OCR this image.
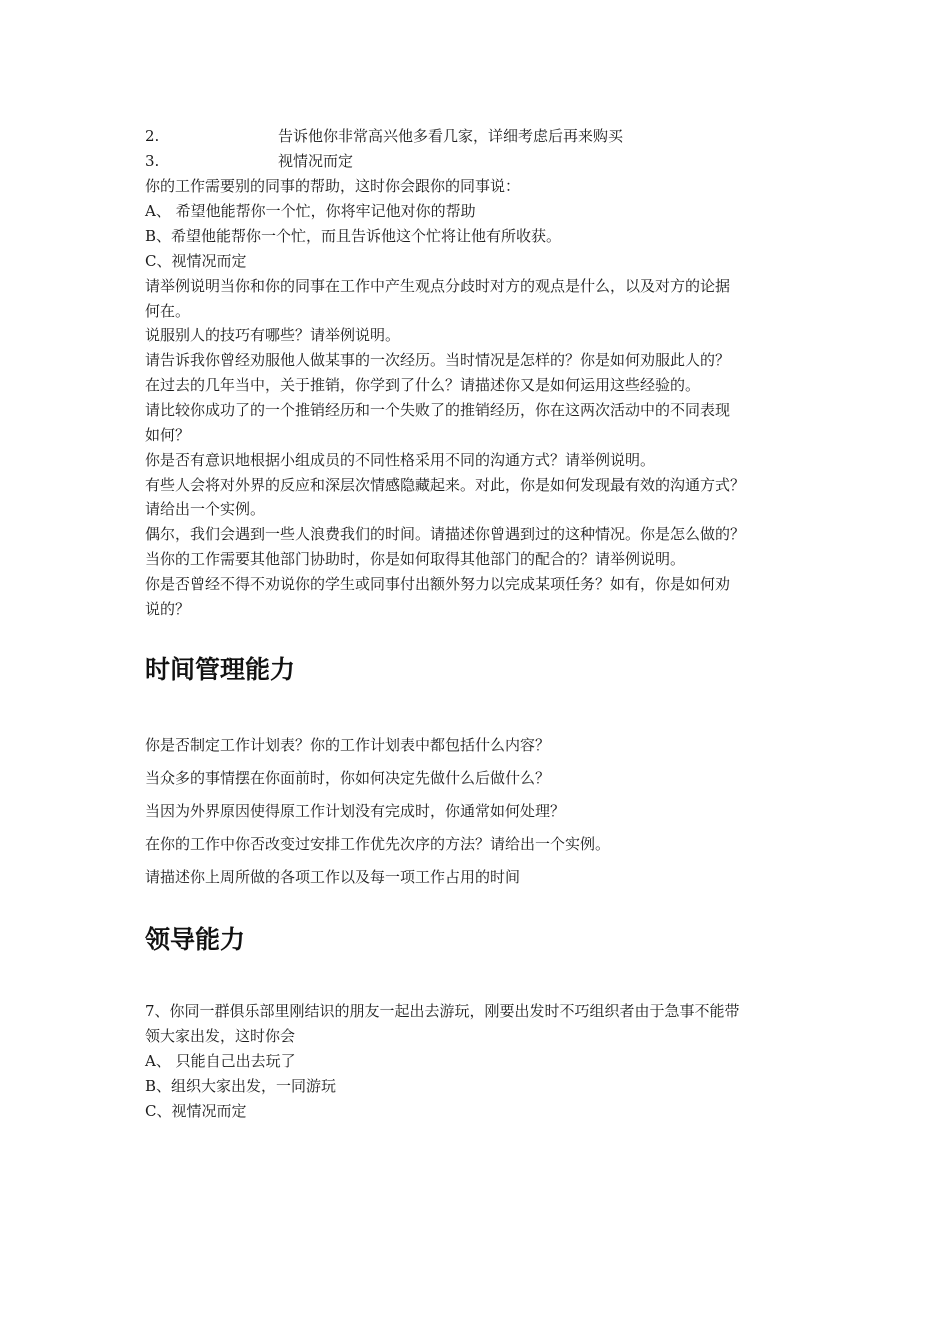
2.	告诉他你非常高兴他多看几家，详细考虑后再来购买
3.	视情况而定
你的工作需要别的同事的帮助，这时你会跟你的同事说：
A、 希望他能帮你一个忙，你将牢记他对你的帮助
B、希望他能帮你一个忙，而且告诉他这个忙将让他有所收获。
C、视情况而定
请举例说明当你和你的同事在工作中产生观点分歧时对方的观点是什么，以及对方的论据
何在。
说服别人的技巧有哪些？请举例说明。
请告诉我你曾经劝服他人做某事的一次经历。当时情况是怎样的？你是如何劝服此人的？
在过去的几年当中，关于推销，你学到了什么？请描述你又是如何运用这些经验的。
请比较你成功了的一个推销经历和一个失败了的推销经历，你在这两次活动中的不同表现
如何？
你是否有意识地根据小组成员的不同性格采用不同的沟通方式？请举例说明。
有些人会将对外界的反应和深层次情感隐藏起来。对此，你是如何发现最有效的沟通方式？
请给出一个实例。
偶尔，我们会遇到一些人浪费我们的时间。请描述你曾遇到过的这种情况。你是怎么做的？
当你的工作需要其他部门协助时，你是如何取得其他部门的配合的？请举例说明。
你是否曾经不得不劝说你的学生或同事付出额外努力以完成某项任务？如有，你是如何劝
说的？
时间管理能力
你是否制定工作计划表？你的工作计划表中都包括什么内容？
当众多的事情摆在你面前时，你如何决定先做什么后做什么？
当因为外界原因使得原工作计划没有完成时，你通常如何处理？
在你的工作中你否改变过安排工作优先次序的方法？请给出一个实例。
请描述你上周所做的各项工作以及每一项工作占用的时间
领导能力
7、你同一群俱乐部里刚结识的朋友一起出去游玩，刚要出发时不巧组织者由于急事不能带
领大家出发，这时你会
A、 只能自己出去玩了
B、组织大家出发，一同游玩
C、视情况而定
